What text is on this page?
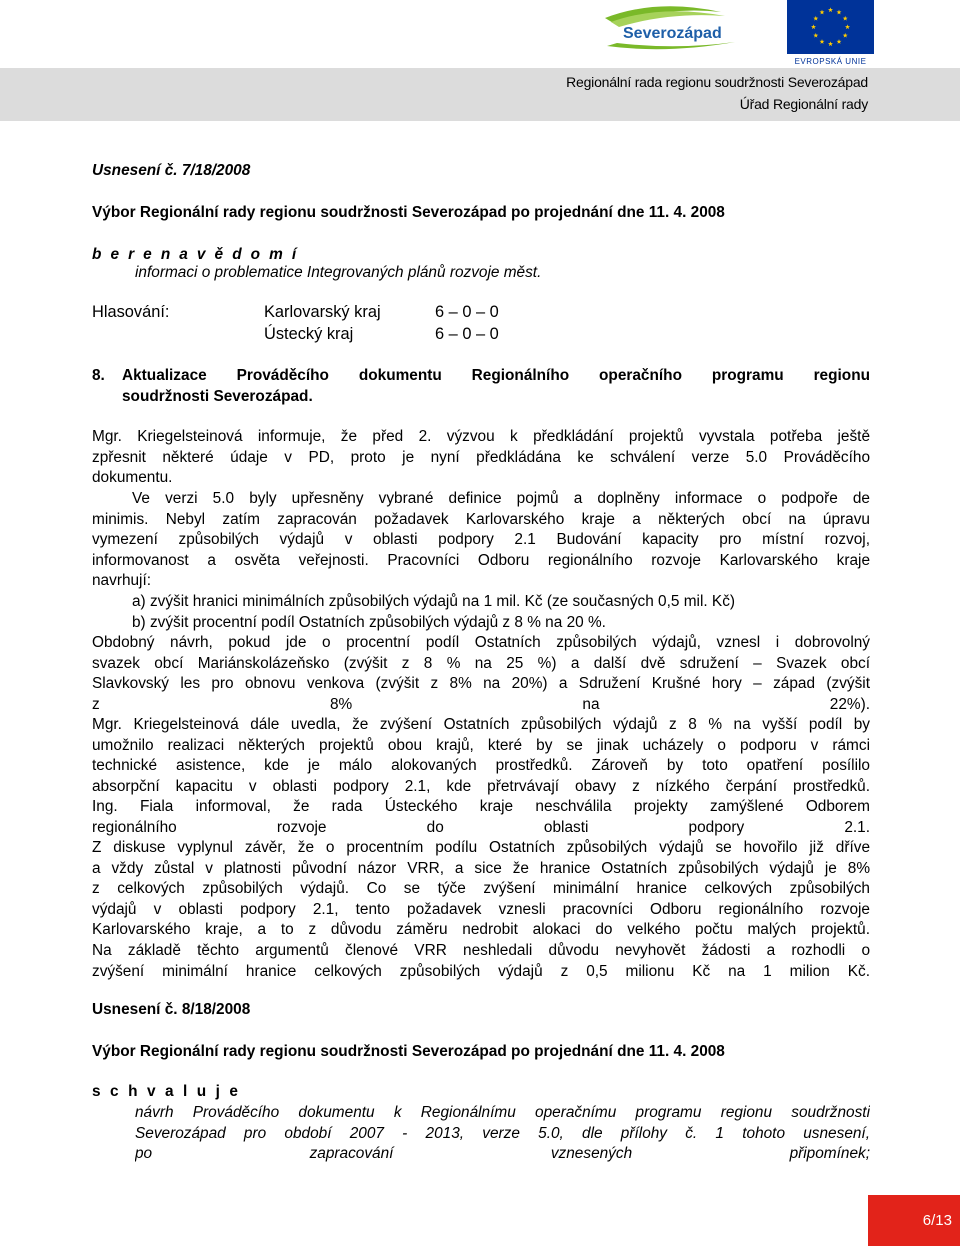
Severozápad
EVROPSKÁ UNIE
Regionální rada regionu soudržnosti Severozápad
Úřad Regionální rady
Usnesení č. 7/18/2008
Výbor Regionální rady regionu soudržnosti Severozápad po projednání dne 11. 4. 2008
b e r e n a v ě d o m í
informaci o problematice Integrovaných plánů rozvoje měst.
Hlasování:	Karlovarský kraj	6 – 0 – 0
Ústecký kraj	6 – 0 – 0
8.	Aktualizace Prováděcího dokumentu Regionálního operačního programu regionu
soudržnosti Severozápad.
Mgr. Kriegelsteinová informuje, že před 2. výzvou k předkládání projektů vyvstala potřeba ještě
zpřesnit některé údaje v PD, proto je nyní předkládána ke schválení verze 5.0 Prováděcího
dokumentu.
Ve verzi 5.0 byly upřesněny vybrané definice pojmů a doplněny informace o podpoře de
minimis. Nebyl zatím zapracován požadavek Karlovarského kraje a některých obcí na úpravu
vymezení způsobilých výdajů v oblasti podpory 2.1 Budování kapacity pro místní rozvoj,
informovanost a osvěta veřejnosti. Pracovníci Odboru regionálního rozvoje Karlovarského kraje
navrhují:
a) zvýšit hranici minimálních způsobilých výdajů na 1 mil. Kč (ze současných 0,5 mil. Kč)
b) zvýšit procentní podíl Ostatních způsobilých výdajů z 8 % na 20 %.
Obdobný návrh, pokud jde o procentní podíl Ostatních způsobilých výdajů, vznesl i dobrovolný
svazek obcí Mariánskolázeňsko (zvýšit z 8 % na 25 %) a další dvě sdružení – Svazek obcí
Slavkovský les pro obnovu venkova (zvýšit z 8% na 20%) a Sdružení Krušné hory – západ (zvýšit
z 8% na 22%).
Mgr. Kriegelsteinová dále uvedla, že zvýšení Ostatních způsobilých výdajů z 8 % na vyšší podíl by
umožnilo realizaci některých projektů obou krajů, které by se jinak ucházely o podporu v rámci
technické asistence, kde je málo alokovaných prostředků. Zároveň by toto opatření posílilo
absorpční kapacitu v oblasti podpory 2.1, kde přetrvávají obavy z nízkého čerpání prostředků.
Ing. Fiala informoval, že rada Ústeckého kraje neschválila projekty zamýšlené Odborem
regionálního rozvoje do oblasti podpory 2.1.
Z diskuse vyplynul závěr, že o procentním podílu Ostatních způsobilých výdajů se hovořilo již dříve
a vždy zůstal v platnosti původní názor VRR, a sice že hranice Ostatních způsobilých výdajů je 8%
z celkových způsobilých výdajů. Co se týče zvýšení minimální hranice celkových způsobilých
výdajů v oblasti podpory 2.1, tento požadavek vznesli pracovníci Odboru regionálního rozvoje
Karlovarského kraje, a to z důvodu záměru nedrobit alokaci do velkého počtu malých projektů.
Na základě těchto argumentů členové VRR neshledali důvodu nevyhovět žádosti a rozhodli o
zvýšení minimální hranice celkových způsobilých výdajů z 0,5 milionu Kč na 1 milion Kč.
Usnesení č. 8/18/2008
Výbor Regionální rady regionu soudržnosti Severozápad po projednání dne 11. 4. 2008
s c h v a l u j e
návrh Prováděcího dokumentu k Regionálnímu operačnímu programu regionu soudržnosti
Severozápad pro období 2007 - 2013, verze 5.0, dle přílohy č. 1 tohoto usnesení,
po zapracování vznesených připomínek;
6/13
